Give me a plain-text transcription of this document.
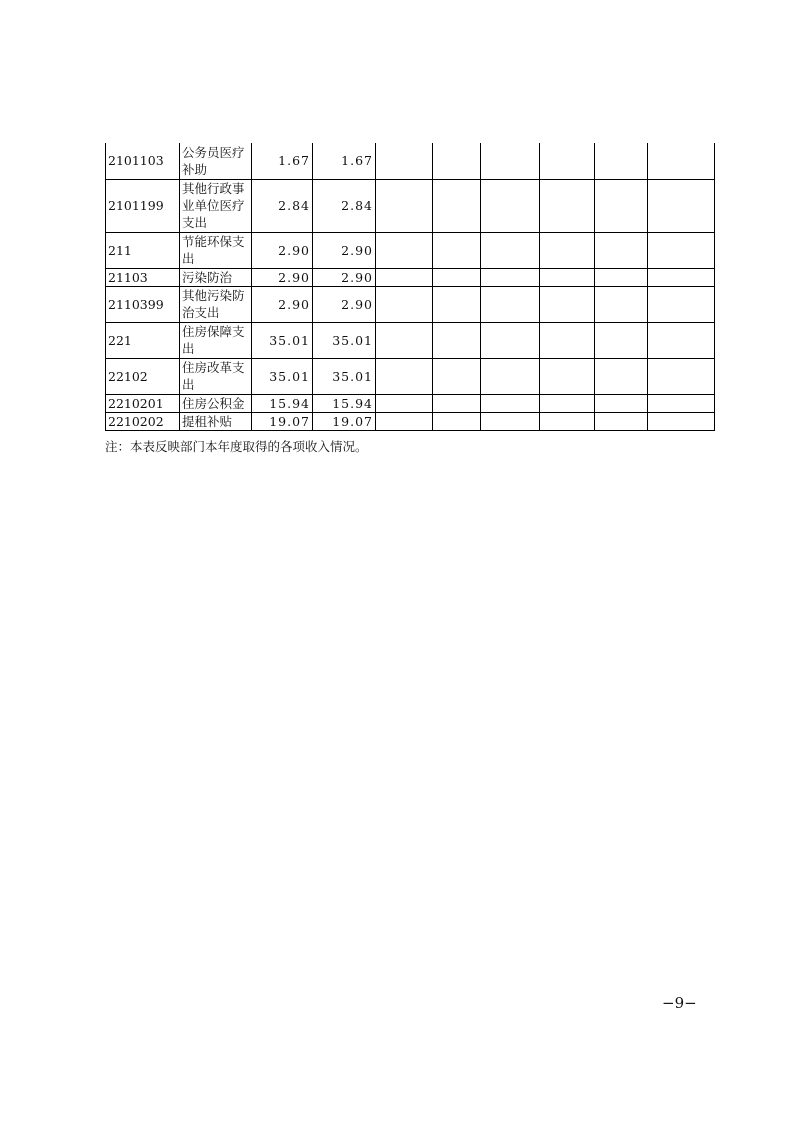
2101103	公务员医疗补助	1.67	1.67						
2101199	其他行政事业单位医疗支出	2.84	2.84						
211	节能环保支出	2.90	2.90						
21103	污染防治	2.90	2.90						
2110399	其他污染防治支出	2.90	2.90						
221	住房保障支出	35.01	35.01						
22102	住房改革支出	35.01	35.01						
2210201	住房公积金	15.94	15.94						
2210202	提租补贴	19.07	19.07						
注：本表反映部门本年度取得的各项收入情况。
−9−
